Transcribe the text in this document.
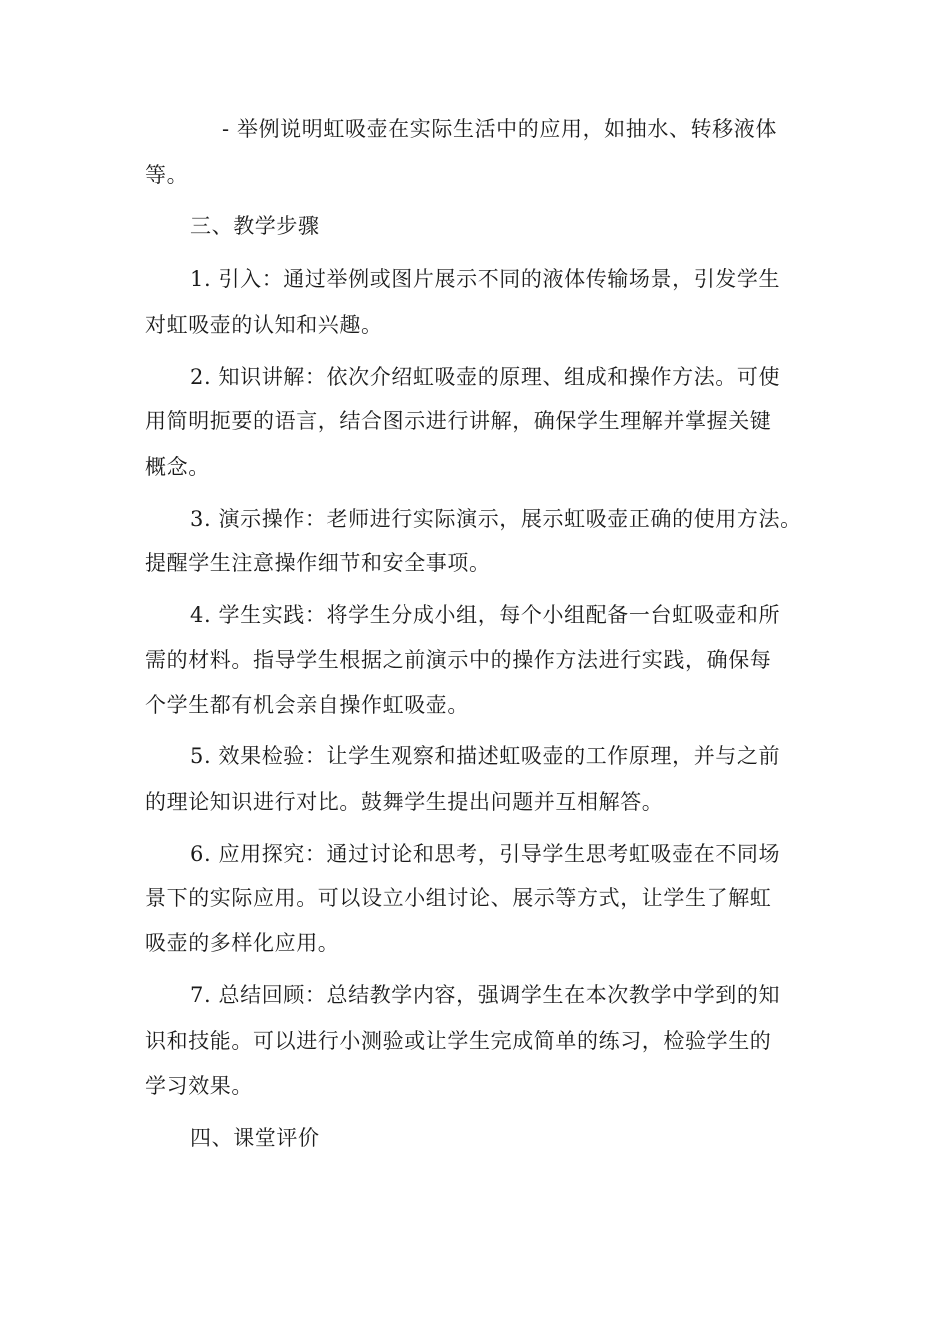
- 举例说明虹吸壶在实际生活中的应用，如抽水、转移液体
等。
三、教学步骤
1. 引入：通过举例或图片展示不同的液体传输场景，引发学生
对虹吸壶的认知和兴趣。
2. 知识讲解：依次介绍虹吸壶的原理、组成和操作方法。可使
用简明扼要的语言，结合图示进行讲解，确保学生理解并掌握关键
概念。
3. 演示操作：老师进行实际演示，展示虹吸壶正确的使用方法。
提醒学生注意操作细节和安全事项。
4. 学生实践：将学生分成小组，每个小组配备一台虹吸壶和所
需的材料。指导学生根据之前演示中的操作方法进行实践，确保每
个学生都有机会亲自操作虹吸壶。
5. 效果检验：让学生观察和描述虹吸壶的工作原理，并与之前
的理论知识进行对比。鼓舞学生提出问题并互相解答。
6. 应用探究：通过讨论和思考，引导学生思考虹吸壶在不同场
景下的实际应用。可以设立小组讨论、展示等方式，让学生了解虹
吸壶的多样化应用。
7. 总结回顾：总结教学内容，强调学生在本次教学中学到的知
识和技能。可以进行小测验或让学生完成简单的练习，检验学生的
学习效果。
四、课堂评价
